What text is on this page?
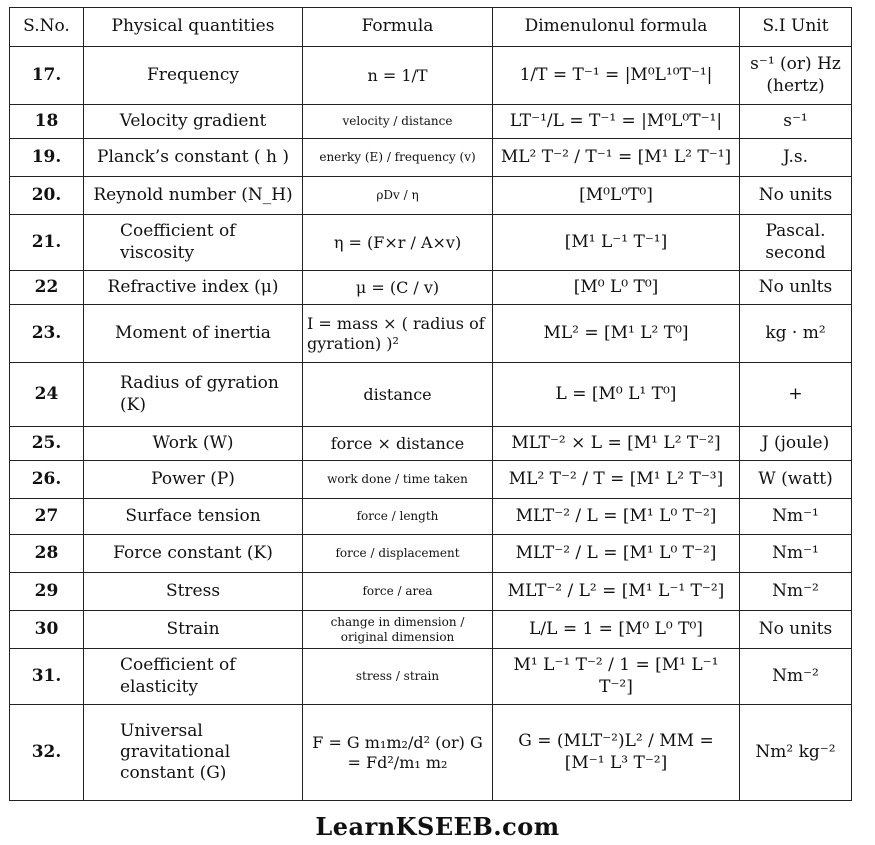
S.No.	Physical quantities	Formula	Dimenulonul formula	S.I Unit
17.	Frequency	n = 1/T	1/T = T⁻¹ = |M⁰L¹⁰T⁻¹|	s⁻¹ (or) Hz (hertz)
18	Velocity gradient	velocity / distance	LT⁻¹/L = T⁻¹ = |M⁰L⁰T⁻¹|	s⁻¹
19.	Planck’s constant ( h )	enerky (E) / frequency (v)	ML² T⁻² / T⁻¹ = [M¹ L² T⁻¹]	J.s.
20.	Reynold number (N_H)	ρDv / η	[M⁰L⁰T⁰]	No units
21.	Coefficient of viscosity	η = (F×r / A×v)	[M¹ L⁻¹ T⁻¹]	Pascal. second
22	Refractive index (μ)	μ = (C / v)	[M⁰ L⁰ T⁰]	No unlts
23.	Moment of inertia	I = mass × ( radius of gyration) )²	ML² = [M¹ L² T⁰]	kg · m²
24	Radius of gyration (K)	distance	L = [M⁰ L¹ T⁰]	+
25.	Work (W)	force × distance	MLT⁻² × L = [M¹ L² T⁻²]	J (joule)
26.	Power (P)	work done / time taken	ML² T⁻² / T = [M¹ L² T⁻³]	W (watt)
27	Surface tension	force / length	MLT⁻² / L = [M¹ L⁰ T⁻²]	Nm⁻¹
28	Force constant (K)	force / displacement	MLT⁻² / L = [M¹ L⁰ T⁻²]	Nm⁻¹
29	Stress	force / area	MLT⁻² / L² = [M¹ L⁻¹ T⁻²]	Nm⁻²
30	Strain	change in dimension / original dimension	L/L = 1 = [M⁰ L⁰ T⁰]	No units
31.	Coefficient of elasticity	stress / strain	M¹ L⁻¹ T⁻² / 1 = [M¹ L⁻¹ T⁻²]	Nm⁻²
32.	Universal gravitational constant (G)	F = G m₁m₂/d² (or) G = Fd²/m₁ m₂	G = (MLT⁻²)L² / MM = [M⁻¹ L³ T⁻²]	Nm² kg⁻²
LearnKSEEB.com
